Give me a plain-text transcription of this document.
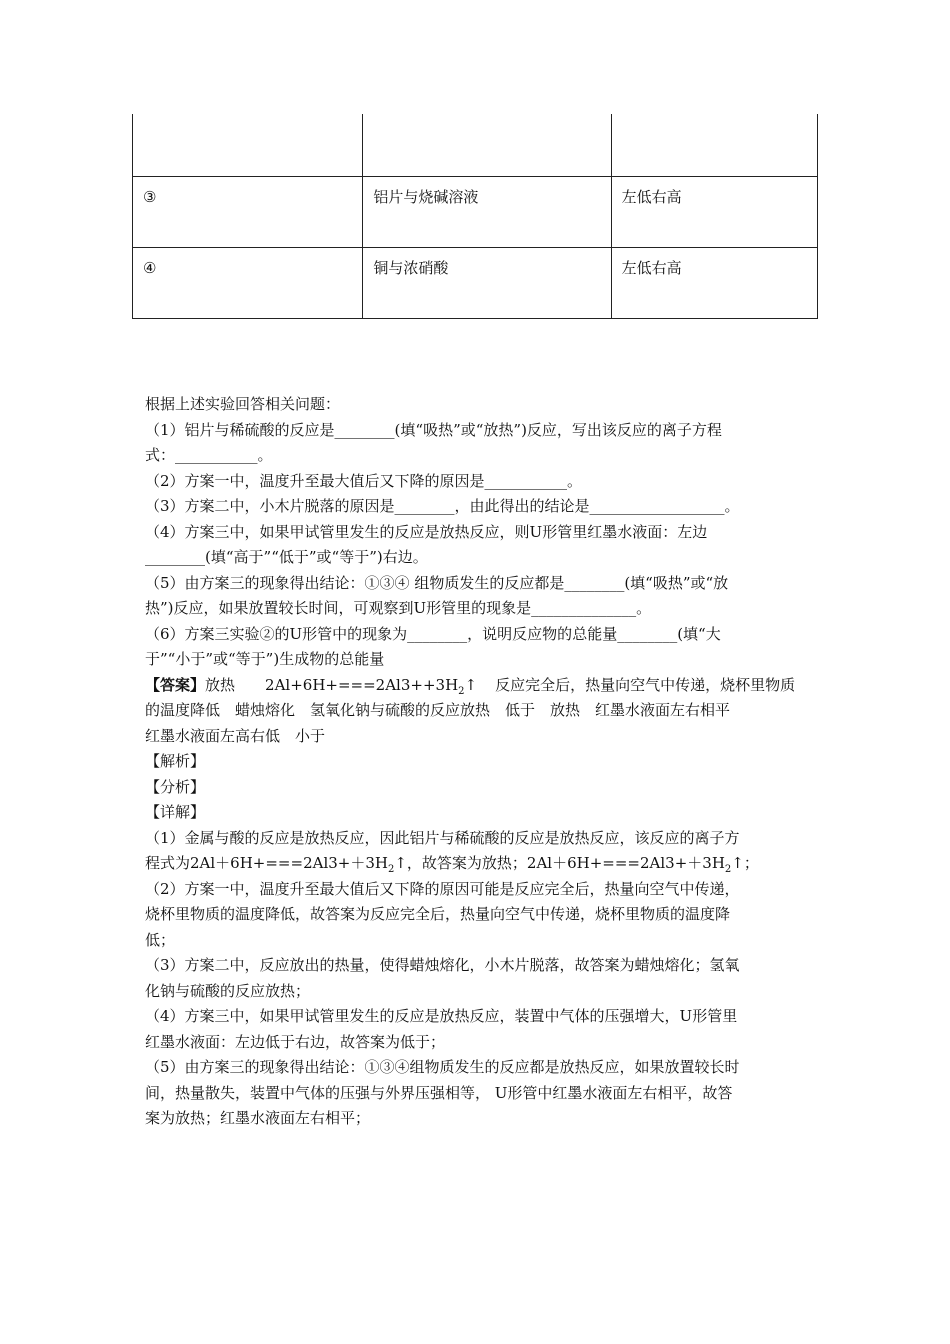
③	铝片与烧碱溶液	左低右高
④	铜与浓硝酸	左低右高
根据上述实验回答相关问题：
（1）铝片与稀硫酸的反应是________(填“吸热”或“放热”)反应，写出该反应的离子方程
式：___________。
（2）方案一中，温度升至最大值后又下降的原因是___________。
（3）方案二中，小木片脱落的原因是________，由此得出的结论是__________________。
（4）方案三中，如果甲试管里发生的反应是放热反应，则U形管里红墨水液面：左边
________(填“高于”“低于”或“等于”)右边。
（5）由方案三的现象得出结论：①③④ 组物质发生的反应都是________(填“吸热”或“放
热”)反应，如果放置较长时间，可观察到U形管里的现象是______________。
（6）方案三实验②的U形管中的现象为________，说明反应物的总能量________(填“大
于”“小于”或“等于”)生成物的总能量
【答案】放热 $2Al+6H+===2Al3++3H_2↑$ 反应完全后，热量向空气中传递，烧杯里物质
的温度降低　蜡烛熔化　氢氧化钠与硫酸的反应放热　低于　放热　红墨水液面左右相平
红墨水液面左高右低　小于
【解析】
【分析】
【详解】
（1）金属与酸的反应是放热反应，因此铝片与稀硫酸的反应是放热反应，该反应的离子方
程式为$2Al+6H+===2Al3++3H_2↑$，故答案为放热；$2Al+6H+===2Al3++3H_2↑$；
（2）方案一中，温度升至最大值后又下降的原因可能是反应完全后，热量向空气中传递，
烧杯里物质的温度降低，故答案为反应完全后，热量向空气中传递，烧杯里物质的温度降
低；
（3）方案二中，反应放出的热量，使得蜡烛熔化，小木片脱落，故答案为蜡烛熔化；氢氧
化钠与硫酸的反应放热；
（4）方案三中，如果甲试管里发生的反应是放热反应，装置中气体的压强增大，U形管里
红墨水液面：左边低于右边，故答案为低于；
（5）由方案三的现象得出结论：①③④组物质发生的反应都是放热反应，如果放置较长时
间，热量散失，装置中气体的压强与外界压强相等， U形管中红墨水液面左右相平，故答
案为放热；红墨水液面左右相平；
